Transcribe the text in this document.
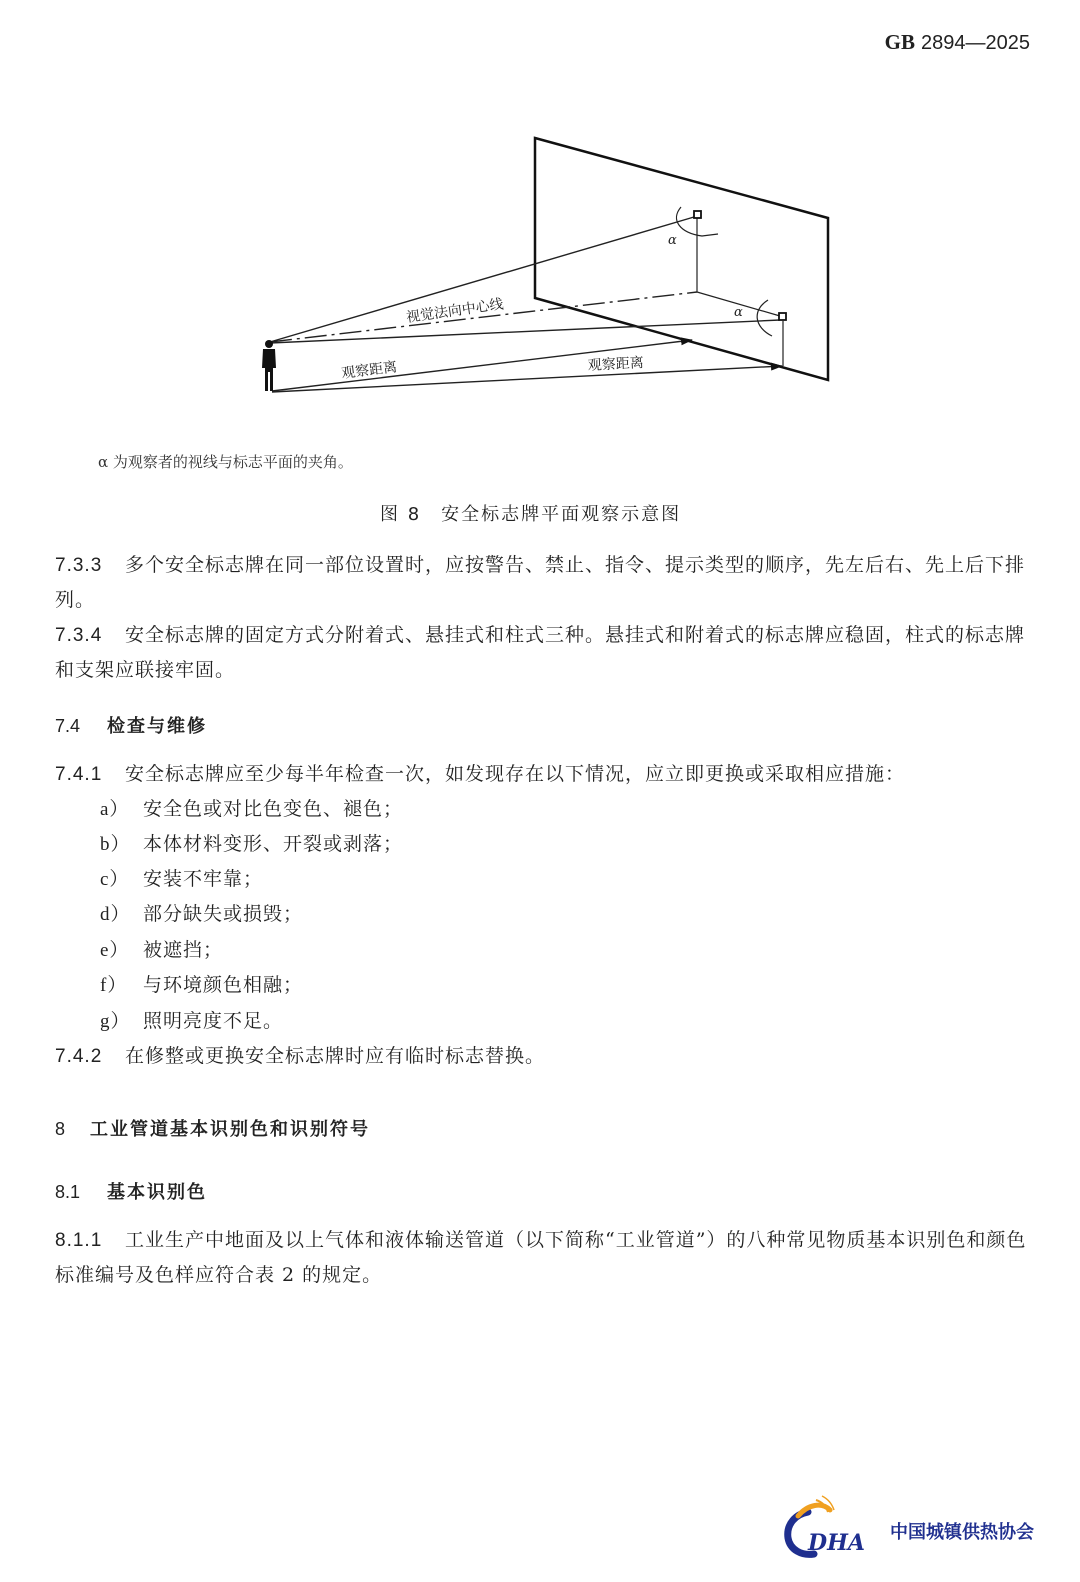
GB 2894—2025
视觉法向中心线
观察距离	观察距离
α
α
α 为观察者的视线与标志平面的夹角。
图 8　安全标志牌平面观察示意图
7.3.3 多个安全标志牌在同一部位设置时，应按警告、禁止、指令、提示类型的顺序，先左后右、先上后下排列。
7.3.4 安全标志牌的固定方式分附着式、悬挂式和柱式三种。悬挂式和附着式的标志牌应稳固，柱式的标志牌和支架应联接牢固。
7.4 检查与维修
7.4.1 安全标志牌应至少每半年检查一次，如发现存在以下情况，应立即更换或采取相应措施：
a） 安全色或对比色变色、褪色；
b） 本体材料变形、开裂或剥落；
c） 安装不牢靠；
d） 部分缺失或损毁；
e） 被遮挡；
f） 与环境颜色相融；
g） 照明亮度不足。
7.4.2 在修整或更换安全标志牌时应有临时标志替换。
8 工业管道基本识别色和识别符号
8.1 基本识别色
8.1.1 工业生产中地面及以上气体和液体输送管道（以下简称“工业管道”）的八种常见物质基本识别色和颜色标准编号及色样应符合表 2 的规定。
DHA 中国城镇供热协会
